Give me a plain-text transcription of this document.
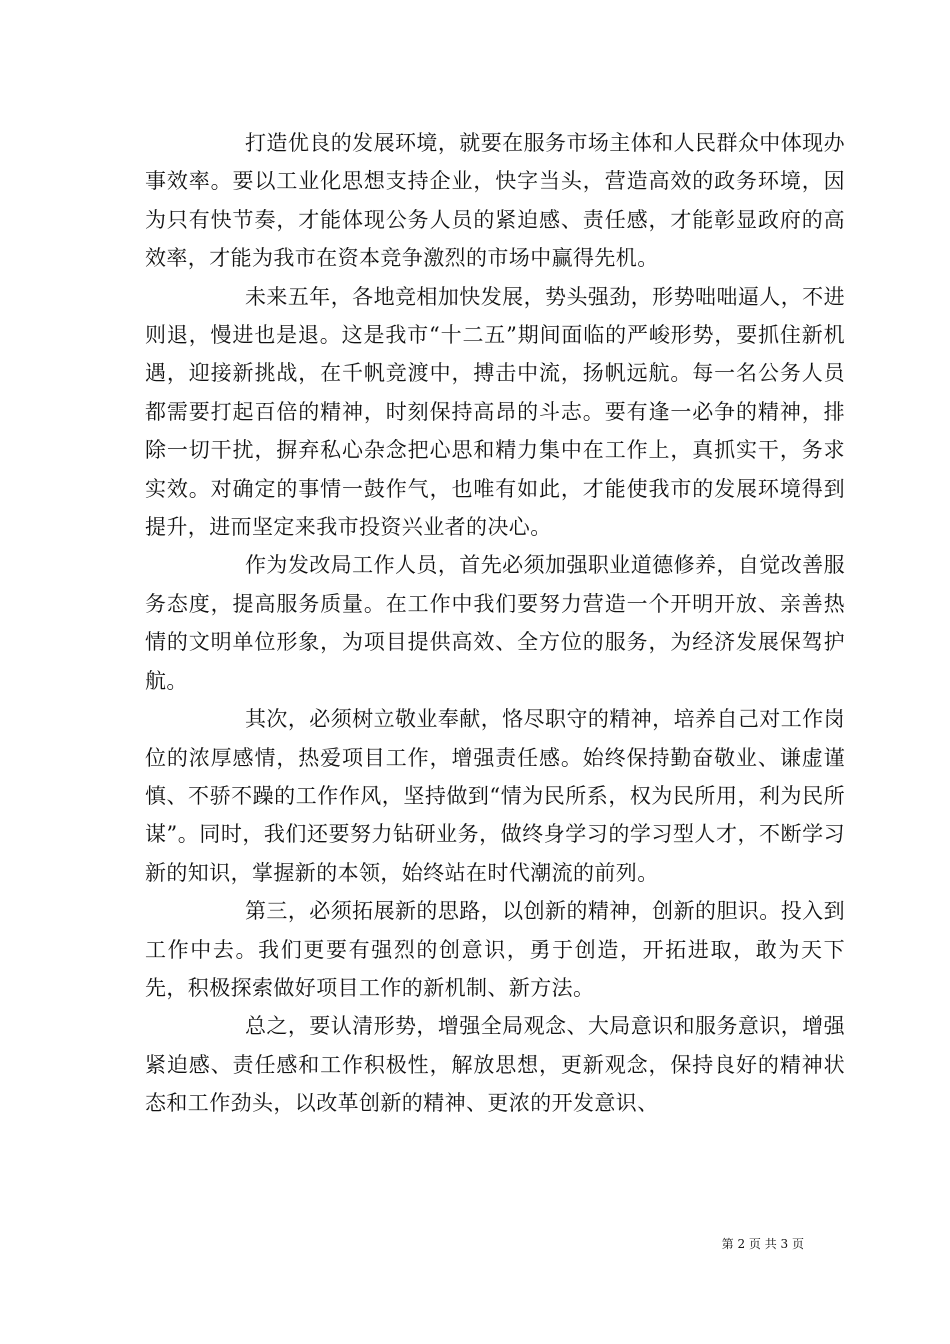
打造优良的发展环境，就要在服务市场主体和人民群众中体现办事效率。要以工业化思想支持企业，快字当头，营造高效的政务环境，因为只有快节奏，才能体现公务人员的紧迫感、责任感，才能彰显政府的高效率，才能为我市在资本竞争激烈的市场中赢得先机。

未来五年，各地竞相加快发展，势头强劲，形势咄咄逼人，不进则退，慢进也是退。这是我市“十二五”期间面临的严峻形势，要抓住新机遇，迎接新挑战，在千帆竞渡中，搏击中流，扬帆远航。每一名公务人员都需要打起百倍的精神，时刻保持高昂的斗志。要有逢一必争的精神，排除一切干扰，摒弃私心杂念把心思和精力集中在工作上，真抓实干，务求实效。对确定的事情一鼓作气，也唯有如此，才能使我市的发展环境得到提升，进而坚定来我市投资兴业者的决心。

作为发改局工作人员，首先必须加强职业道德修养，自觉改善服务态度，提高服务质量。在工作中我们要努力营造一个开明开放、亲善热情的文明单位形象，为项目提供高效、全方位的服务，为经济发展保驾护航。

其次，必须树立敬业奉献，恪尽职守的精神，培养自己对工作岗位的浓厚感情，热爱项目工作，增强责任感。始终保持勤奋敬业、谦虚谨慎、不骄不躁的工作作风，坚持做到“情为民所系，权为民所用，利为民所谋”。同时，我们还要努力钻研业务，做终身学习的学习型人才，不断学习新的知识，掌握新的本领，始终站在时代潮流的前列。

第三，必须拓展新的思路，以创新的精神，创新的胆识。投入到工作中去。我们更要有强烈的创意识，勇于创造，开拓进取，敢为天下先，积极探索做好项目工作的新机制、新方法。

总之，要认清形势，增强全局观念、大局意识和服务意识，增强紧迫感、责任感和工作积极性，解放思想，更新观念，保持良好的精神状态和工作劲头，以改革创新的精神、更浓的开发意识、

第 2 页 共 3 页
